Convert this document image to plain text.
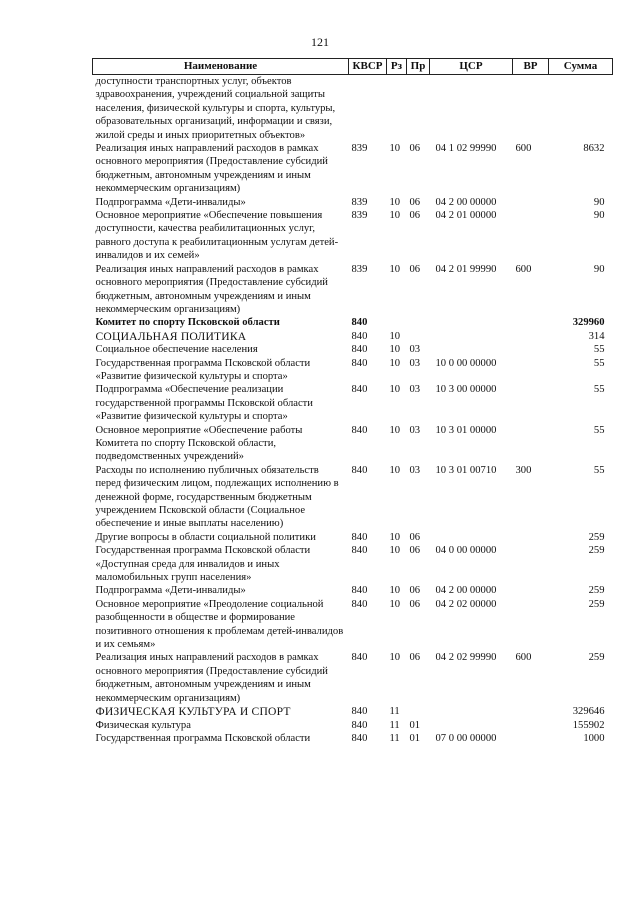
121
Наименование	КВСР	Рз	Пр	ЦСР	ВР	Сумма
доступности транспортных услуг, объектов здравоохранения, учреждений социальной защиты населения, физической культуры и спорта, культуры, образовательных организаций, информации и связи, жилой среды и иных приоритетных объектов»						
Реализация иных направлений расходов в рамках основного мероприятия (Предоставление субсидий бюджетным, автономным учреждениям и иным некоммерческим организациям)	839	10	06	04 1 02 99990	600	8632
Подпрограмма «Дети-инвалиды»	839	10	06	04 2 00 00000		90
Основное мероприятие «Обеспечение повышения доступности, качества реабилитационных услуг, равного доступа к реабилитационным услугам детей-инвалидов и их семей»	839	10	06	04 2 01 00000		90
Реализация иных направлений расходов в рамках основного мероприятия (Предоставление субсидий бюджетным, автономным учреждениям и иным некоммерческим организациям)	839	10	06	04 2 01 99990	600	90
Комитет по спорту Псковской области	840					329960
СОЦИАЛЬНАЯ ПОЛИТИКА	840	10				314
Социальное обеспечение населения	840	10	03			55
Государственная программа Псковской области «Развитие физической культуры и спорта»	840	10	03	10 0 00 00000		55
Подпрограмма «Обеспечение реализации государственной программы Псковской области «Развитие физической культуры и спорта»	840	10	03	10 3 00 00000		55
Основное мероприятие «Обеспечение работы Комитета по спорту Псковской области, подведомственных учреждений»	840	10	03	10 3 01 00000		55
Расходы по исполнению публичных обязательств перед физическим лицом, подлежащих исполнению в денежной форме, государственным бюджетным учреждением Псковской области (Социальное обеспечение и иные выплаты населению)	840	10	03	10 3 01 00710	300	55
Другие вопросы в области социальной политики	840	10	06			259
Государственная программа Псковской области «Доступная среда для инвалидов и иных маломобильных групп населения»	840	10	06	04 0 00 00000		259
Подпрограмма «Дети-инвалиды»	840	10	06	04 2 00 00000		259
Основное мероприятие «Преодоление социальной разобщенности в обществе и формирование позитивного отношения к проблемам детей-инвалидов и их семьям»	840	10	06	04 2 02 00000		259
Реализация иных направлений расходов в рамках основного мероприятия (Предоставление субсидий бюджетным, автономным учреждениям и иным некоммерческим организациям)	840	10	06	04 2 02 99990	600	259
ФИЗИЧЕСКАЯ КУЛЬТУРА И СПОРТ	840	11				329646
Физическая культура	840	11	01			155902
Государственная программа Псковской области	840	11	01	07 0 00 00000		1000
